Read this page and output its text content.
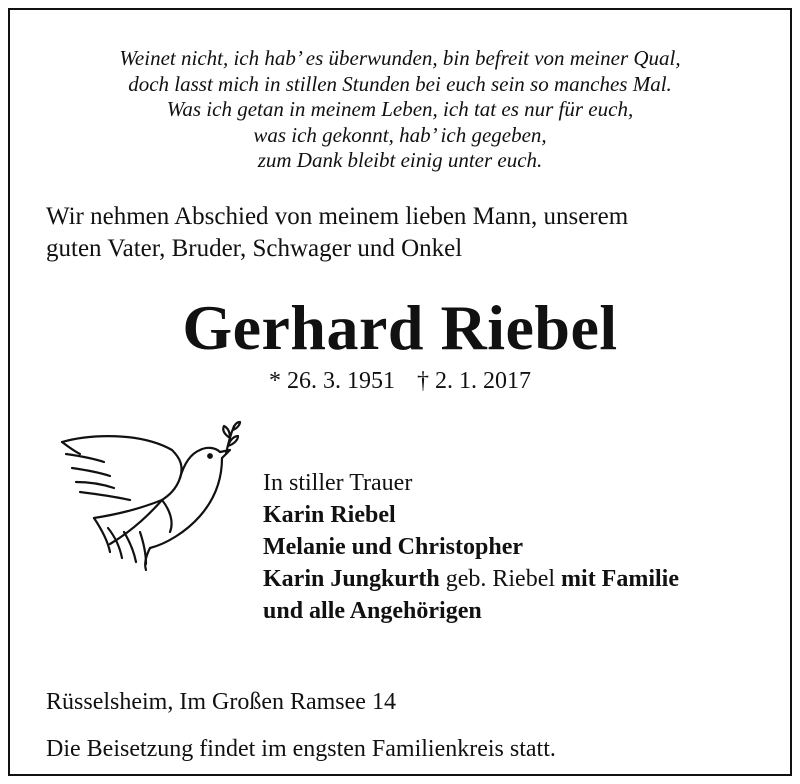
Weinet nicht, ich hab’ es überwunden, bin befreit von meiner Qual,
doch lasst mich in stillen Stunden bei euch sein so manches Mal.
Was ich getan in meinem Leben, ich tat es nur für euch,
was ich gekonnt, hab’ ich gegeben,
zum Dank bleibt einig unter euch.
Wir nehmen Abschied von meinem lieben Mann, unserem
guten Vater, Bruder, Schwager und Onkel
Gerhard Riebel
* 26. 3. 1951 † 2. 1. 2017
In stiller Trauer
Karin Riebel
Melanie und Christopher
Karin Jungkurth geb. Riebel mit Familie
und alle Angehörigen
Rüsselsheim, Im Großen Ramsee 14
Die Beisetzung findet im engsten Familienkreis statt.
